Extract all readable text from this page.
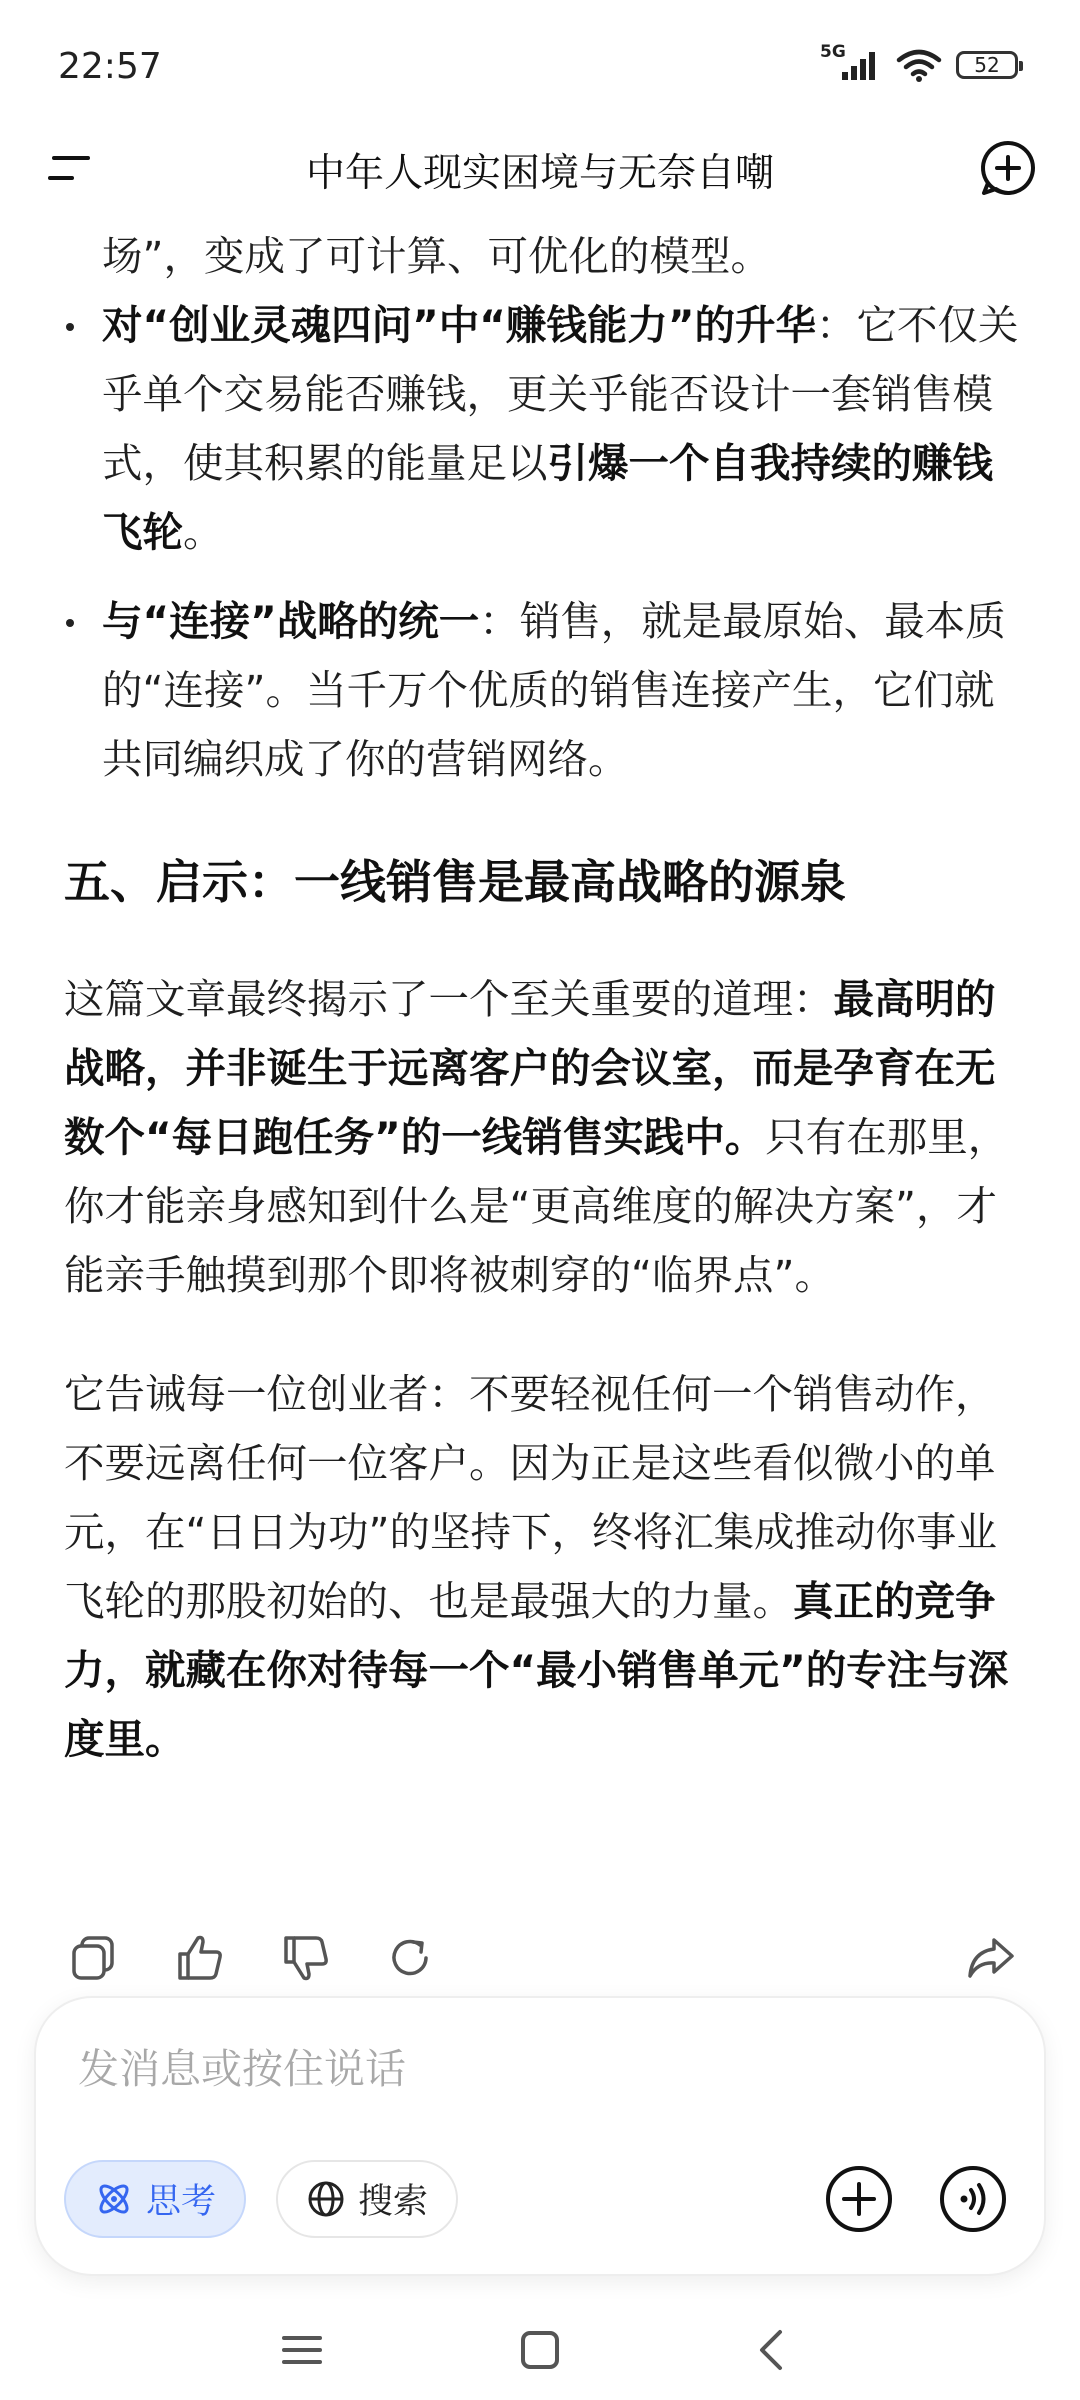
22:57	5G
52
中年人现实困境与无奈自嘲

场”，变成了可计算、可优化的模型。

对“创业灵魂四问”中“赚钱能力”的升华：它不仅关乎单个交易能否赚钱，更关乎能否设计一套销售模式，使其积累的能量足以引爆一个自我持续的赚钱飞轮。
与“连接”战略的统一：销售，就是最原始、最本质的“连接”。当千万个优质的销售连接产生，它们就共同编织成了你的营销网络。
五、启示：一线销售是最高战略的源泉

这篇文章最终揭示了一个至关重要的道理：最高明的战略，并非诞生于远离客户的会议室，而是孕育在无数个“每日跑任务”的一线销售实践中。只有在那里，你才能亲身感知到什么是“更高维度的解决方案”，才能亲手触摸到那个即将被刺穿的“临界点”。

它告诫每一位创业者：不要轻视任何一个销售动作，不要远离任何一位客户。因为正是这些看似微小的单元，在“日日为功”的坚持下，终将汇集成推动你事业飞轮的那股初始的、也是最强大的力量。真正的竞争力，就藏在你对待每一个“最小销售单元”的专注与深度里。

发消息或按住说话
思考	搜索
